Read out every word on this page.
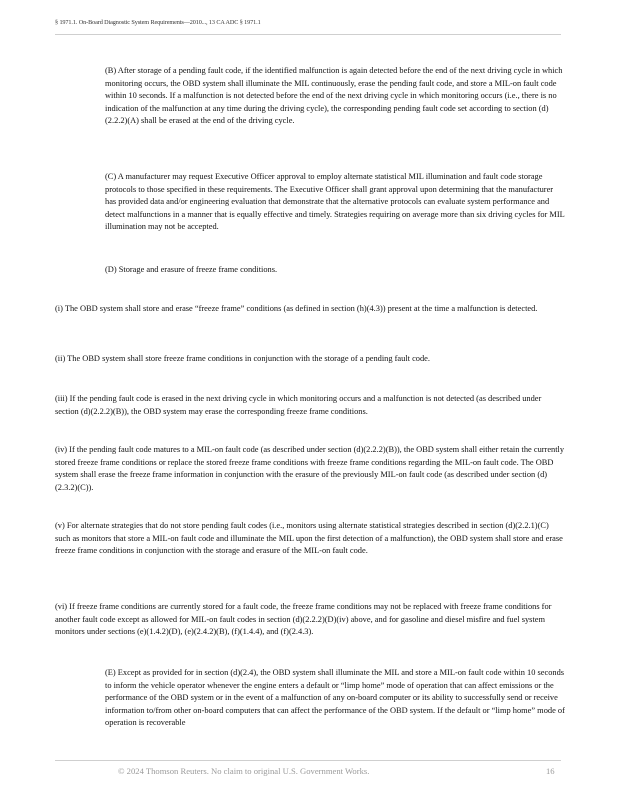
§ 1971.1. On-Board Diagnostic System Requirements—2010..., 13 CA ADC § 1971.1

(B) After storage of a pending fault code, if the identified malfunction is again detected before the end of the next driving cycle in which monitoring occurs, the OBD system shall illuminate the MIL continuously, erase the pending fault code, and store a MIL-on fault code within 10 seconds. If a malfunction is not detected before the end of the next driving cycle in which monitoring occurs (i.e., there is no indication of the malfunction at any time during the driving cycle), the corresponding pending fault code set according to section (d)(2.2.2)(A) shall be erased at the end of the driving cycle.

(C) A manufacturer may request Executive Officer approval to employ alternate statistical MIL illumination and fault code storage protocols to those specified in these requirements. The Executive Officer shall grant approval upon determining that the manufacturer has provided data and/or engineering evaluation that demonstrate that the alternative protocols can evaluate system performance and detect malfunctions in a manner that is equally effective and timely. Strategies requiring on average more than six driving cycles for MIL illumination may not be accepted.

(D) Storage and erasure of freeze frame conditions.

(i) The OBD system shall store and erase “freeze frame” conditions (as defined in section (h)(4.3)) present at the time a malfunction is detected.

(ii) The OBD system shall store freeze frame conditions in conjunction with the storage of a pending fault code.

(iii) If the pending fault code is erased in the next driving cycle in which monitoring occurs and a malfunction is not detected (as described under section (d)(2.2.2)(B)), the OBD system may erase the corresponding freeze frame conditions.

(iv) If the pending fault code matures to a MIL-on fault code (as described under section (d)(2.2.2)(B)), the OBD system shall either retain the currently stored freeze frame conditions or replace the stored freeze frame conditions with freeze frame conditions regarding the MIL-on fault code. The OBD system shall erase the freeze frame information in conjunction with the erasure of the previously MIL-on fault code (as described under section (d)(2.3.2)(C)).

(v) For alternate strategies that do not store pending fault codes (i.e., monitors using alternate statistical strategies described in section (d)(2.2.1)(C) such as monitors that store a MIL-on fault code and illuminate the MIL upon the first detection of a malfunction), the OBD system shall store and erase freeze frame conditions in conjunction with the storage and erasure of the MIL-on fault code.

(vi) If freeze frame conditions are currently stored for a fault code, the freeze frame conditions may not be replaced with freeze frame conditions for another fault code except as allowed for MIL-on fault codes in section (d)(2.2.2)(D)(iv) above, and for gasoline and diesel misfire and fuel system monitors under sections (e)(1.4.2)(D), (e)(2.4.2)(B), (f)(1.4.4), and (f)(2.4.3).

(E) Except as provided for in section (d)(2.4), the OBD system shall illuminate the MIL and store a MIL-on fault code within 10 seconds to inform the vehicle operator whenever the engine enters a default or “limp home” mode of operation that can affect emissions or the performance of the OBD system or in the event of a malfunction of any on-board computer or its ability to successfully send or receive information to/from other on-board computers that can affect the performance of the OBD system. If the default or “limp home” mode of operation is recoverable

© 2024 Thomson Reuters. No claim to original U.S. Government Works.	16
